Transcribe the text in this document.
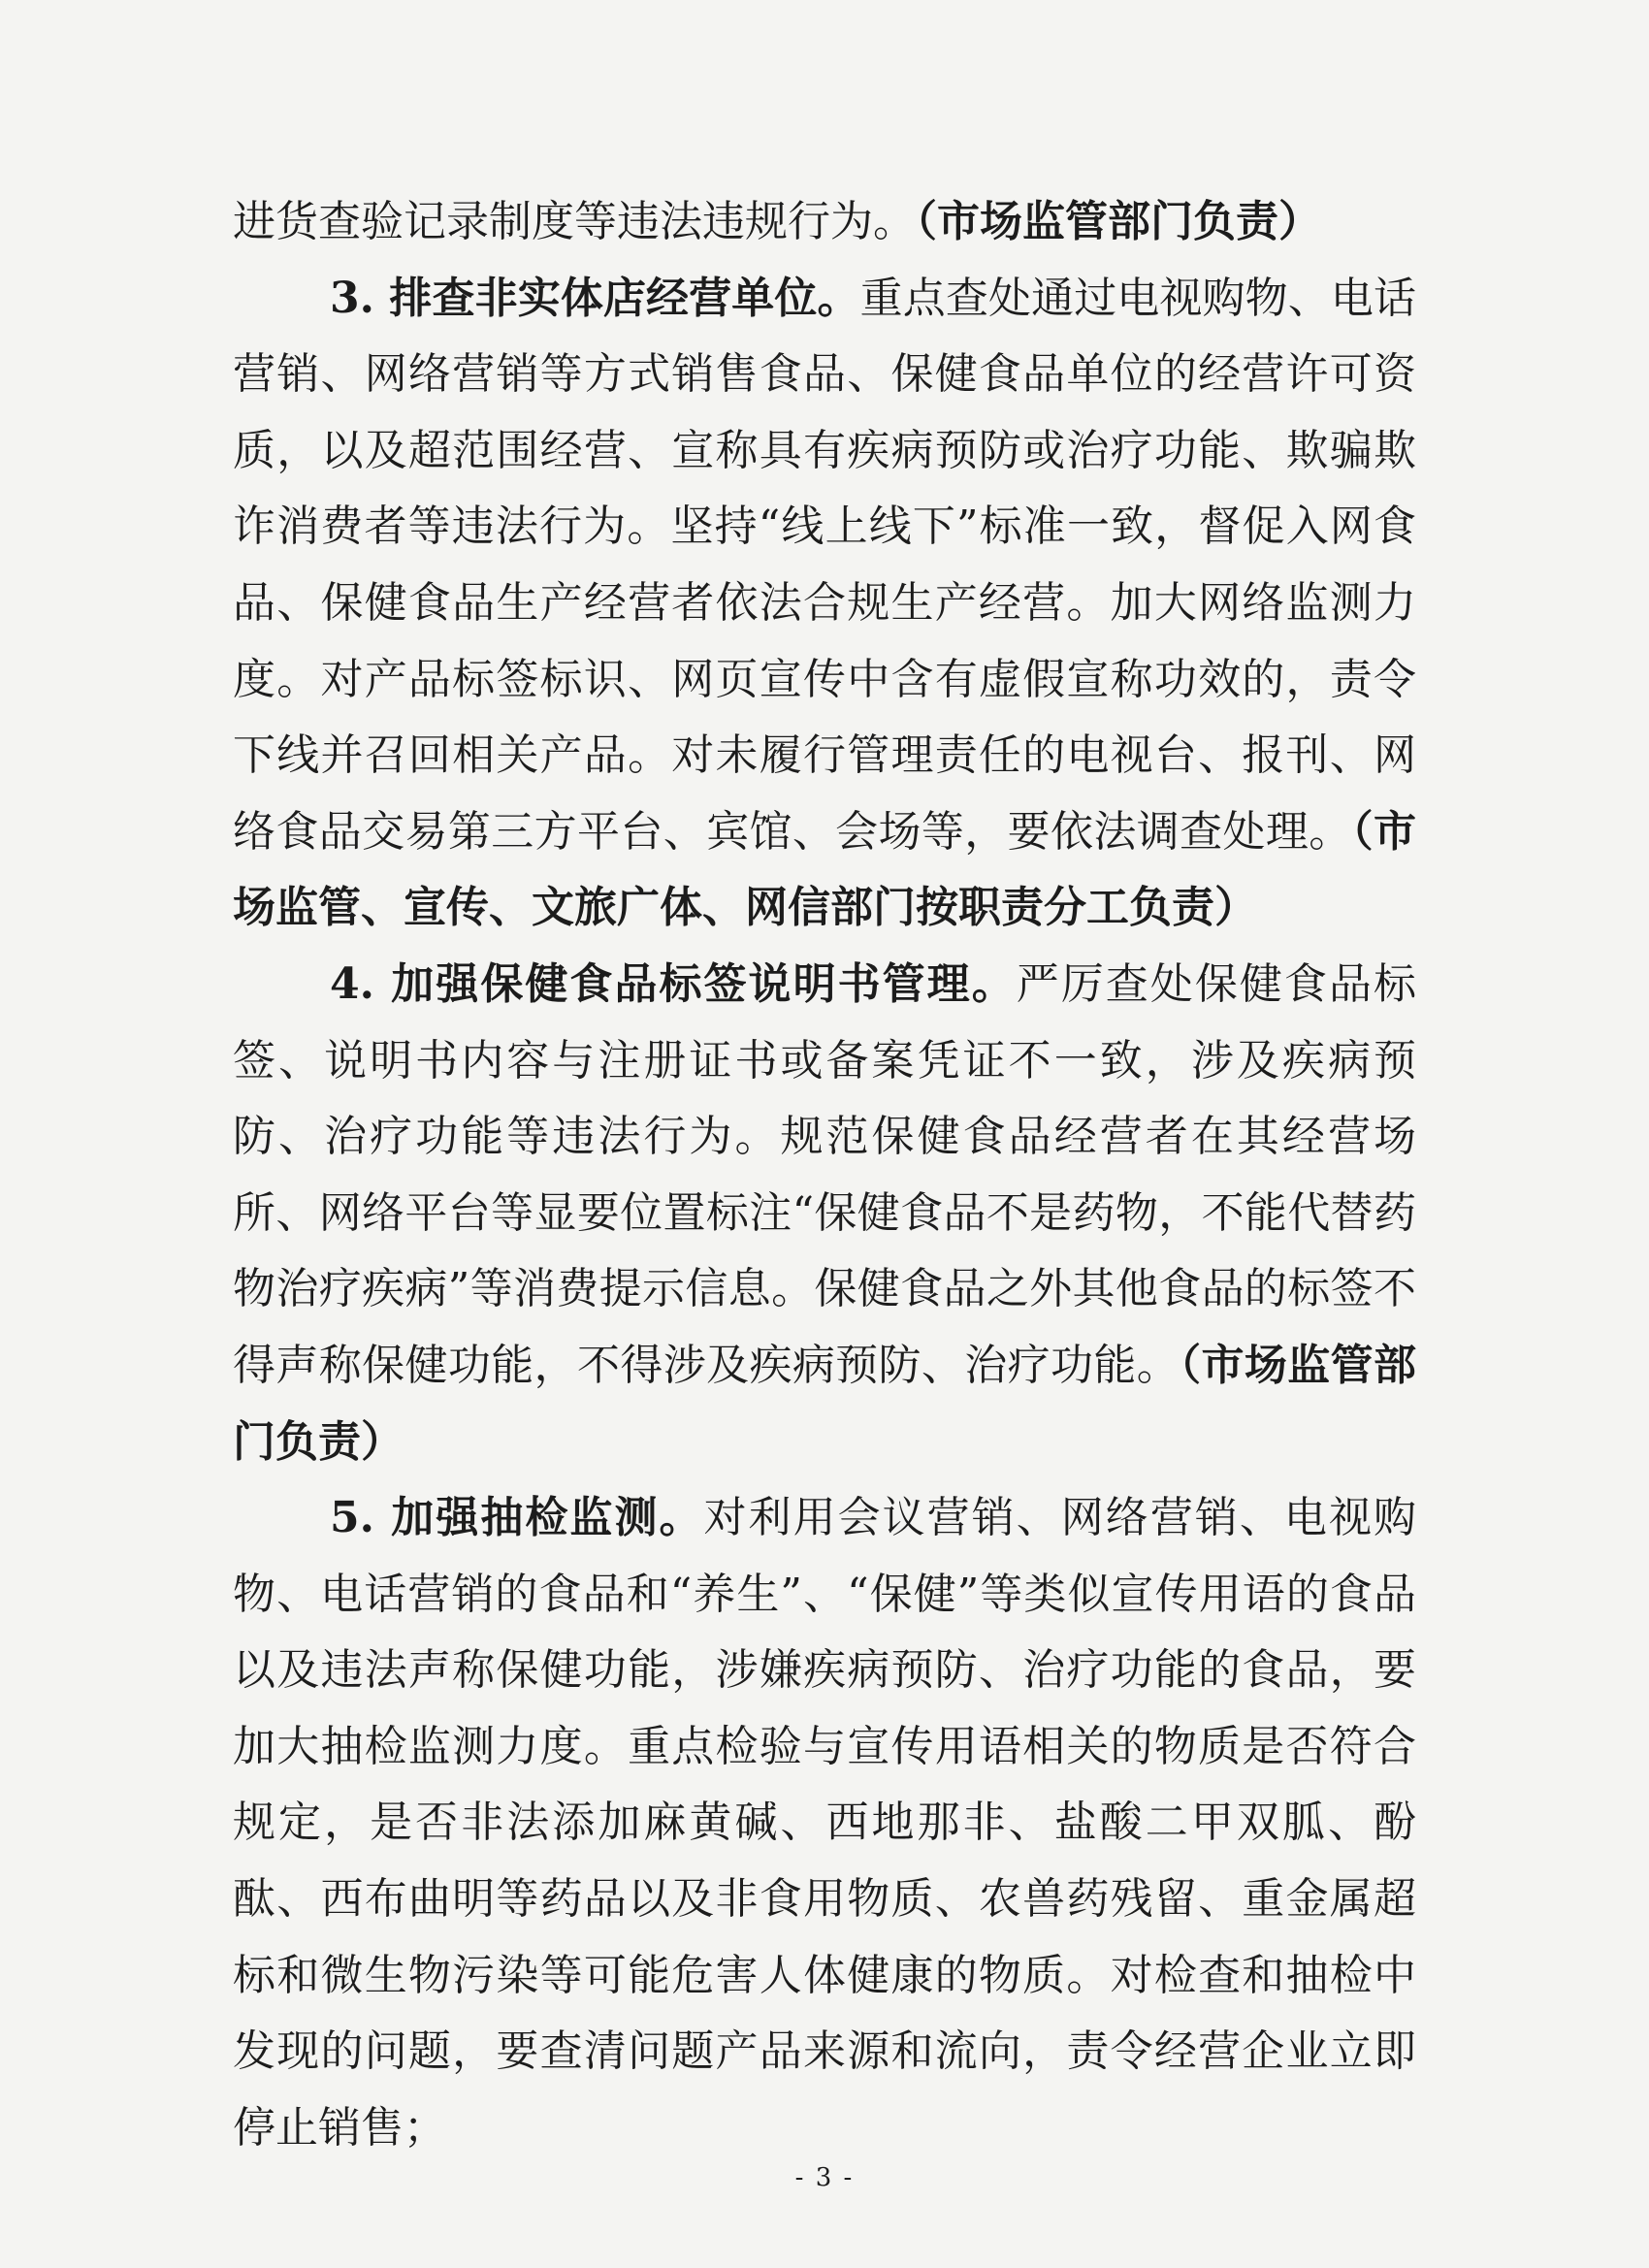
进货查验记录制度等违法违规行为。（市场监管部门负责）

3. 排查非实体店经营单位。重点查处通过电视购物、电话营销、网络营销等方式销售食品、保健食品单位的经营许可资质，以及超范围经营、宣称具有疾病预防或治疗功能、欺骗欺诈消费者等违法行为。坚持“线上线下”标准一致，督促入网食品、保健食品生产经营者依法合规生产经营。加大网络监测力度。对产品标签标识、网页宣传中含有虚假宣称功效的，责令下线并召回相关产品。对未履行管理责任的电视台、报刊、网络食品交易第三方平台、宾馆、会场等，要依法调查处理。（市场监管、宣传、文旅广体、网信部门按职责分工负责）

4. 加强保健食品标签说明书管理。严厉查处保健食品标签、说明书内容与注册证书或备案凭证不一致，涉及疾病预防、治疗功能等违法行为。规范保健食品经营者在其经营场所、网络平台等显要位置标注“保健食品不是药物，不能代替药物治疗疾病”等消费提示信息。保健食品之外其他食品的标签不得声称保健功能，不得涉及疾病预防、治疗功能。（市场监管部门负责）

5. 加强抽检监测。对利用会议营销、网络营销、电视购物、电话营销的食品和“养生”、“保健”等类似宣传用语的食品以及违法声称保健功能，涉嫌疾病预防、治疗功能的食品，要加大抽检监测力度。重点检验与宣传用语相关的物质是否符合规定，是否非法添加麻黄碱、西地那非、盐酸二甲双胍、酚酞、西布曲明等药品以及非食用物质、农兽药残留、重金属超标和微生物污染等可能危害人体健康的物质。对检查和抽检中发现的问题，要查清问题产品来源和流向，责令经营企业立即停止销售；

- 3 -
